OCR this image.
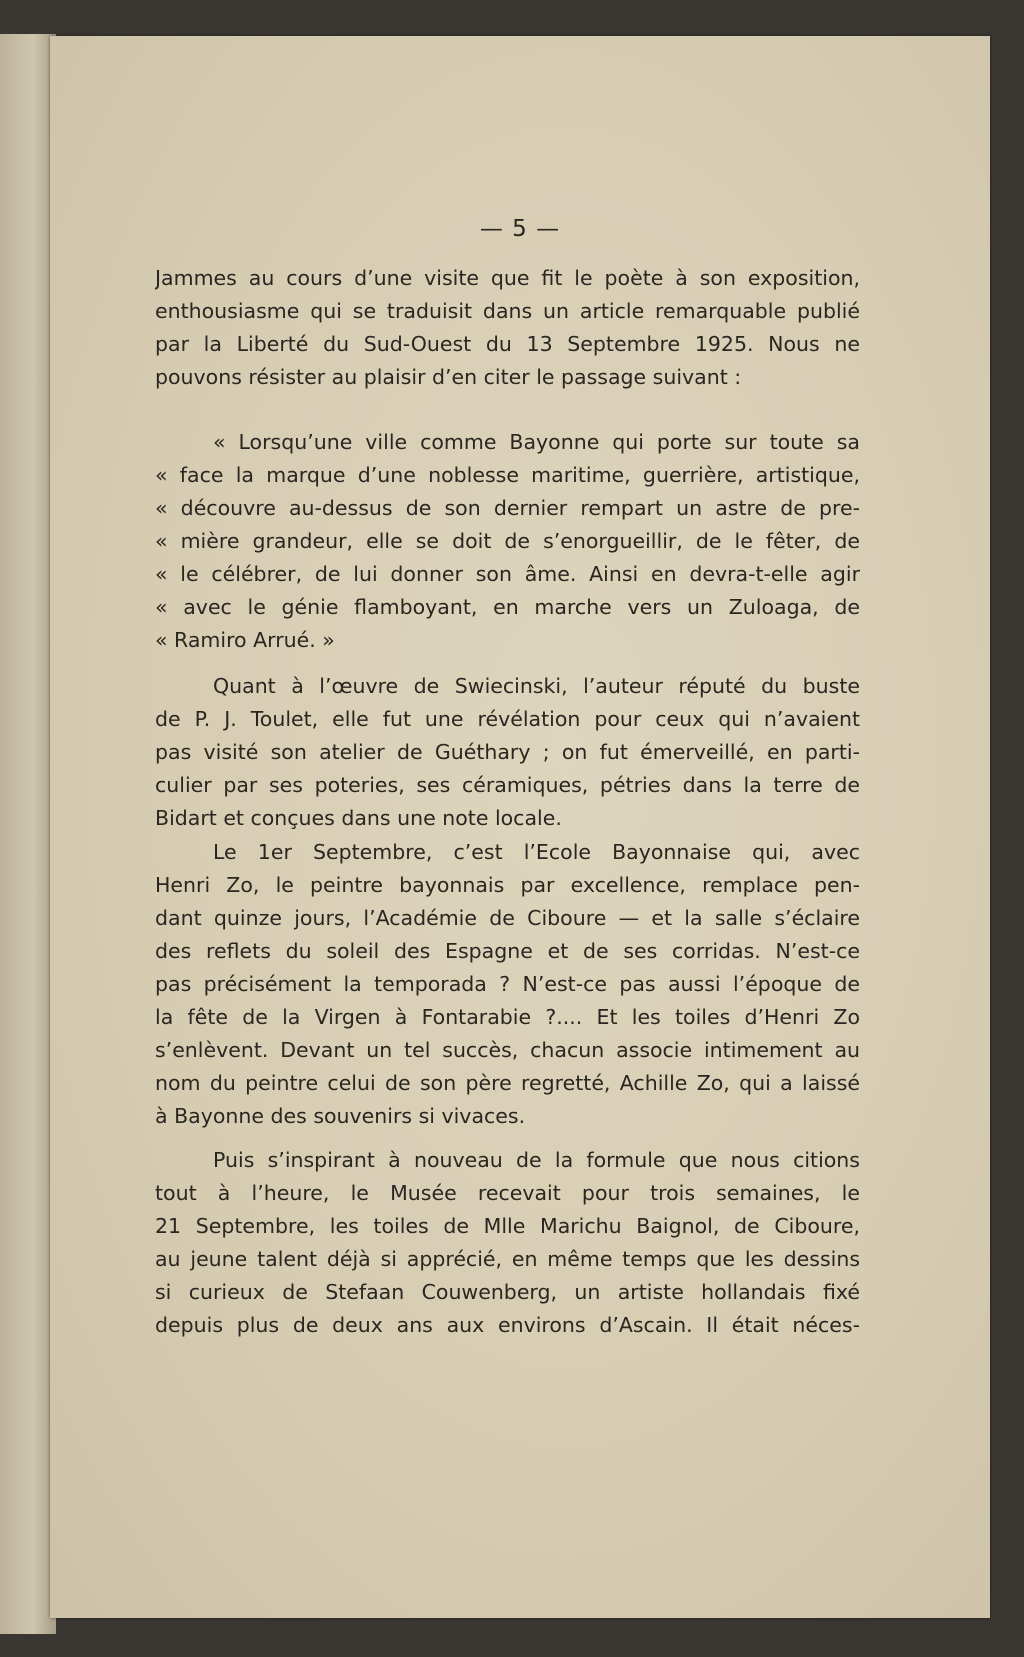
— 5 —
Jammes au cours d’une visite que fit le poète à son exposition,
enthousiasme qui se traduisit dans un article remarquable publié
par la Liberté du Sud-Ouest du 13 Septembre 1925. Nous ne
pouvons résister au plaisir d’en citer le passage suivant :
« Lorsqu’une ville comme Bayonne qui porte sur toute sa
« face la marque d’une noblesse maritime, guerrière, artistique,
« découvre au-dessus de son dernier rempart un astre de pre-
« mière grandeur, elle se doit de s’enorgueillir, de le fêter, de
« le célébrer, de lui donner son âme. Ainsi en devra-t-elle agir
« avec le génie flamboyant, en marche vers un Zuloaga, de
« Ramiro Arrué. »
Quant à l’œuvre de Swiecinski, l’auteur réputé du buste
de P. J. Toulet, elle fut une révélation pour ceux qui n’avaient
pas visité son atelier de Guéthary ; on fut émerveillé, en parti-
culier par ses poteries, ses céramiques, pétries dans la terre de
Bidart et conçues dans une note locale.
Le 1er Septembre, c’est l’Ecole Bayonnaise qui, avec
Henri Zo, le peintre bayonnais par excellence, remplace pen-
dant quinze jours, l’Académie de Ciboure — et la salle s’éclaire
des reflets du soleil des Espagne et de ses corridas. N’est-ce
pas précisément la temporada ? N’est-ce pas aussi l’époque de
la fête de la Virgen à Fontarabie ?.... Et les toiles d’Henri Zo
s’enlèvent. Devant un tel succès, chacun associe intimement au
nom du peintre celui de son père regretté, Achille Zo, qui a laissé
à Bayonne des souvenirs si vivaces.
Puis s’inspirant à nouveau de la formule que nous citions
tout à l’heure, le Musée recevait pour trois semaines, le
21 Septembre, les toiles de Mlle Marichu Baignol, de Ciboure,
au jeune talent déjà si apprécié, en même temps que les dessins
si curieux de Stefaan Couwenberg, un artiste hollandais fixé
depuis plus de deux ans aux environs d’Ascain. Il était néces-
